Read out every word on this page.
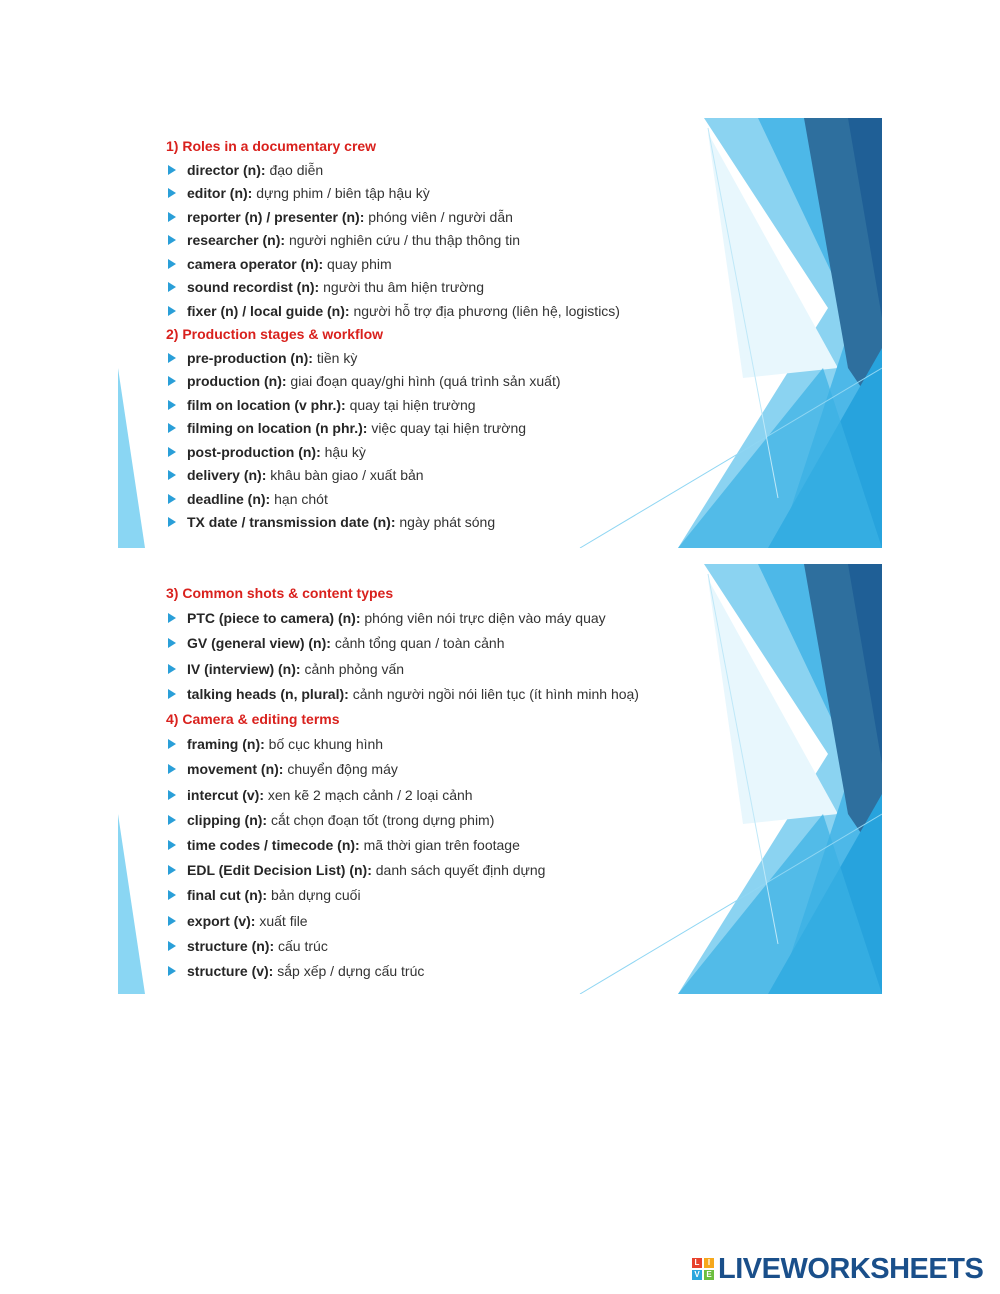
1) Roles in a documentary crew
director (n): đạo diễn
editor (n): dựng phim / biên tập hậu kỳ
reporter (n) / presenter (n): phóng viên / người dẫn
researcher (n): người nghiên cứu / thu thập thông tin
camera operator (n): quay phim
sound recordist (n): người thu âm hiện trường
fixer (n) / local guide (n): người hỗ trợ địa phương (liên hệ, logistics)
2) Production stages & workflow
pre-production (n): tiền kỳ
production (n): giai đoạn quay/ghi hình (quá trình sản xuất)
film on location (v phr.): quay tại hiện trường
filming on location (n phr.): việc quay tại hiện trường
post-production (n): hậu kỳ
delivery (n): khâu bàn giao / xuất bản
deadline (n): hạn chót
TX date / transmission date (n): ngày phát sóng
3) Common shots & content types
PTC (piece to camera) (n): phóng viên nói trực diện vào máy quay
GV (general view) (n): cảnh tổng quan / toàn cảnh
IV (interview) (n): cảnh phỏng vấn
talking heads (n, plural): cảnh người ngồi nói liên tục (ít hình minh hoạ)
4) Camera & editing terms
framing (n): bố cục khung hình
movement (n): chuyển động máy
intercut (v): xen kẽ 2 mạch cảnh / 2 loại cảnh
clipping (n): cắt chọn đoạn tốt (trong dựng phim)
time codes / timecode (n): mã thời gian trên footage
EDL (Edit Decision List) (n): danh sách quyết định dựng
final cut (n): bản dựng cuối
export (v): xuất file
structure (n): cấu trúc
structure (v): sắp xếp / dựng cấu trúc
L	I
V E LIVEWORKSHEETS
